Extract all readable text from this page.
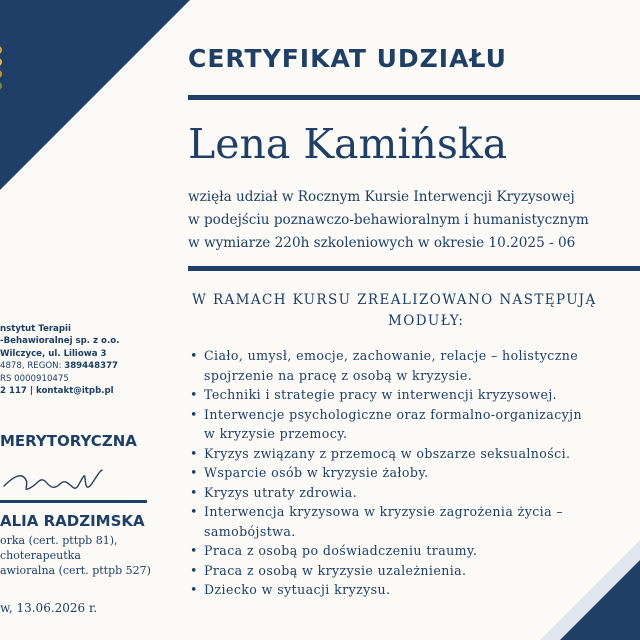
CERTYFIKAT UDZIAŁU
Lena Kamińska
wzięła udział w Rocznym Kursie Interwencji Kryzysowej
w podejściu poznawczo-behawioralnym i humanistycznym
w wymiarze 220h szkoleniowych w okresie 10.2025 - 06
W RAMACH KURSU ZREALIZOWANO NASTĘPUJĄ
MODUŁY:
• Ciało, umysł, emocje, zachowanie, relacje – holistyczne
spojrzenie na pracę z osobą w kryzysie.
• Techniki i strategie pracy w interwencji kryzysowej.
• Interwencje psychologiczne oraz formalno-organizacyjn
w kryzysie przemocy.
• Kryzys związany z przemocą w obszarze seksualności.
• Wsparcie osób w kryzysie żałoby.
• Kryzys utraty zdrowia.
• Interwencja kryzysowa w kryzysie zagrożenia życia –
samobójstwa.
• Praca z osobą po doświadczeniu traumy.
• Praca z osobą w kryzysie uzależnienia.
• Dziecko w sytuacji kryzysu.
nstytut Terapii
-Behawioralnej sp. z o.o.
Wilczyce, ul. Liliowa 3
4878, REGON: 389448377
RS 0000910475
2 117 | kontakt@itpb.pl
MERYTORYCZNA
ALIA RADZIMSKA
orka (cert. pttpb 81),
choterapeutka
awioralna (cert. pttpb 527)
w, 13.06.2026 r.
